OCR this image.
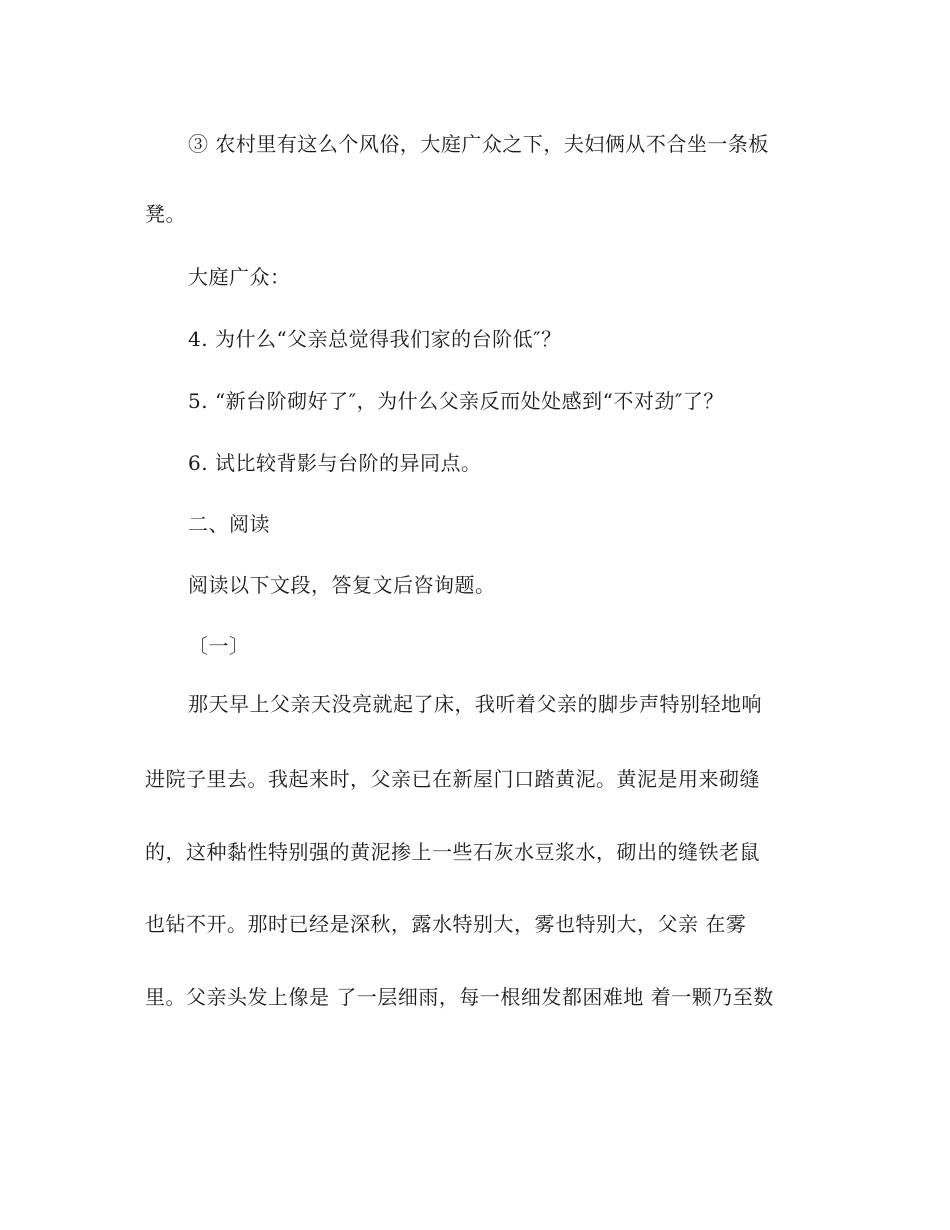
③ 农村里有这么个风俗，大庭广众之下，夫妇俩从不合坐一条板
凳。
大庭广众：
4. 为什么“父亲总觉得我们家的台阶低″？
5. “新台阶砌好了″，为什么父亲反而处处感到“不对劲″了？
6. 试比较背影与台阶的异同点。
二、阅读
阅读以下文段，答复文后咨询题。
〔一〕
那天早上父亲天没亮就起了床，我听着父亲的脚步声特别轻地响
进院子里去。我起来时，父亲已在新屋门口踏黄泥。黄泥是用来砌缝
的，这种黏性特别强的黄泥掺上一些石灰水豆浆水，砌出的缝铁老鼠
也钻不开。那时已经是深秋，露水特别大，雾也特别大，父亲 在雾
里。父亲头发上像是 了一层细雨，每一根细发都困难地 着一颗乃至数
